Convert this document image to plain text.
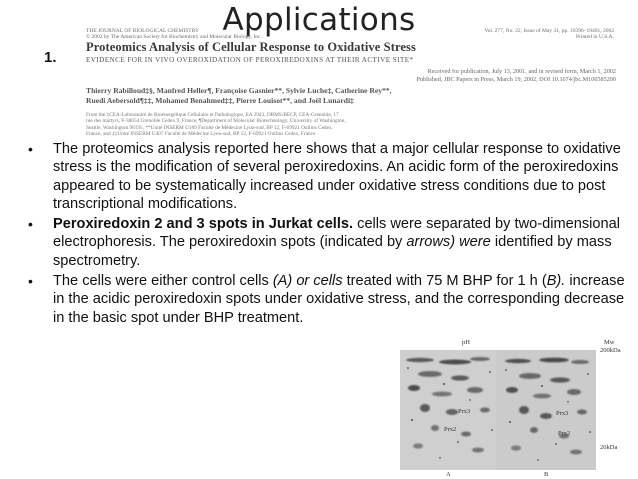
Applications
1.
THE JOURNAL OF BIOLOGICAL CHEMISTRY
© 2002 by The American Society for Biochemistry and Molecular Biology, Inc.
Vol. 277, No. 22, Issue of May 31, pp. 19396–19401, 2002
Printed in U.S.A.
Proteomics Analysis of Cellular Response to Oxidative Stress
EVIDENCE FOR IN VIVO OVEROXIDATION OF PEROXIREDOXINS AT THEIR ACTIVE SITE*
Received for publication, July 13, 2001, and in revised form, March 1, 2002
Published, JBC Papers in Press, March 19, 2002, DOI 10.1074/jbc.M106585200
Thierry Rabilloud‡§, Manfred Heller¶, Françoise Gasnier**, Sylvie Luche‡, Catherine Rey**,
Ruedi Aebersold¶‡‡, Mohamed Benahmed‡‡, Pierre Louisot**, and Joël Lunardi‡
From the ‡CEA-Laboratoire de Bioénergétique Cellulaire et Pathologique, EA 2943, DBMS/BECP, CEA-Grenoble, 17
rue des martyrs, F-38054 Grenoble Cedex 9, France, ¶Department of Molecular Biotechnology, University of Washington,
Seattle, Washington 98195, **Unité INSERM U189 Faculté de Médecine Lyon-sud, BP 12, F-69921 Oullins Cedex,
France, and ‡‡Unité INSERM U407 Faculté de Médecine Lyon-sud, BP 12, F-69921 Oullins Cedex, France
•	The proteomics analysis reported here shows that a major cellular response to oxidative stress is the modification of several peroxiredoxins. An acidic form of the peroxiredoxins appeared to be systematically increased under oxidative stress conditions due to post transcriptional modifications.
•	Peroxiredoxin 2 and 3 spots in Jurkat cells. cells were separated by two-dimensional electrophoresis. The peroxiredoxin spots (indicated by arrows) were identified by mass spectrometry.
•	The cells were either control cells (A) or cells treated with 75 M BHP for 1 h (B). increase in the acidic peroxiredoxin spots under oxidative stress, and the corresponding decrease in the basic spot under BHP treatment.
pH	Mw
200kDa
20kDa
Prx3
Prx2
Prx3
Prx2
A	B
